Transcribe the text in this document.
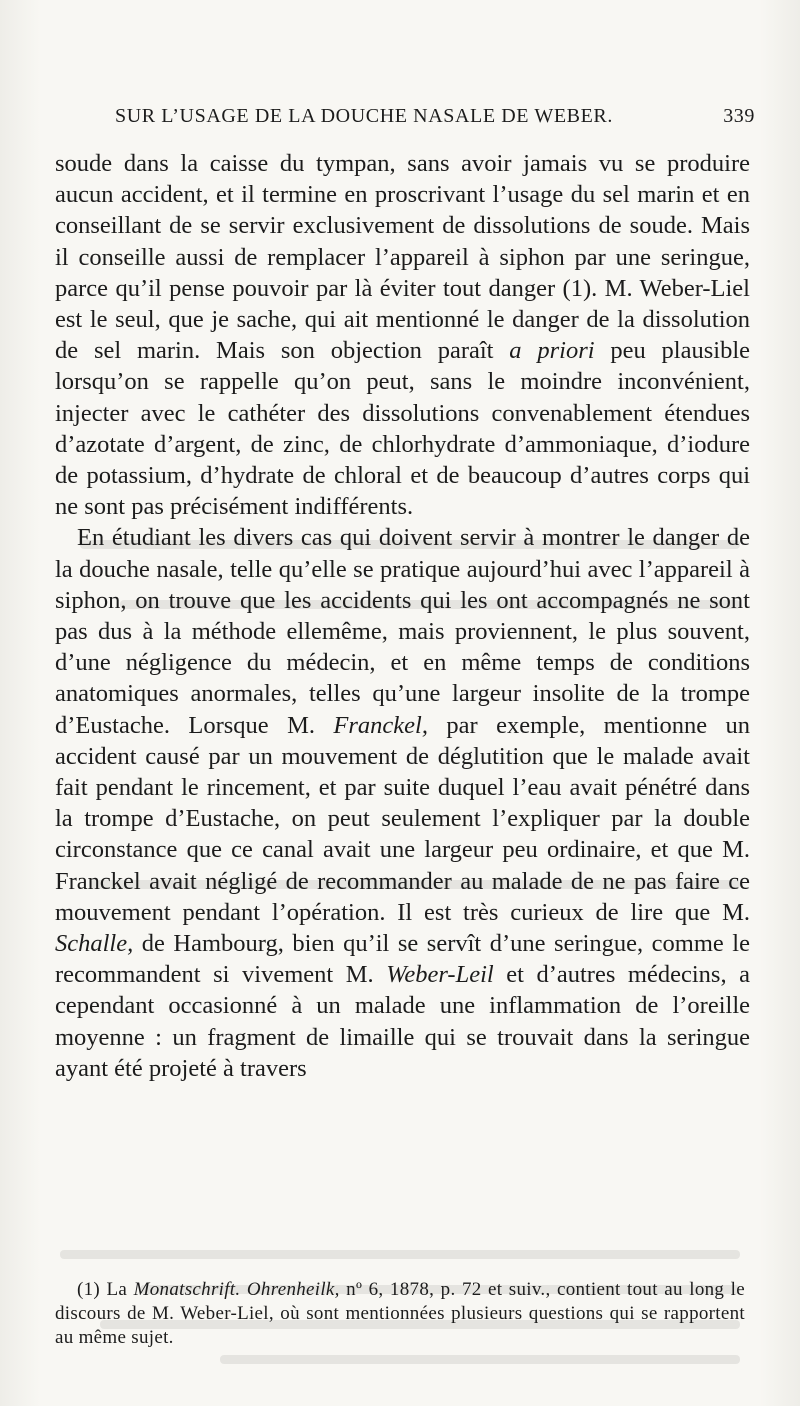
SUR L’USAGE DE LA DOUCHE NASALE DE WEBER.	339

soude dans la caisse du tympan, sans avoir jamais vu se produire aucun accident, et il termine en proscrivant l’usage du sel marin et en conseillant de se servir exclusivement de dissolutions de soude. Mais il conseille aussi de remplacer l’appareil à siphon par une seringue, parce qu’il pense pouvoir par là éviter tout danger (1). M. Weber-Liel est le seul, que je sache, qui ait mentionné le danger de la dissolution de sel marin. Mais son objection paraît a priori peu plausible lorsqu’on se rappelle qu’on peut, sans le moindre inconvénient, injecter avec le cathéter des dissolutions convenablement étendues d’azotate d’argent, de zinc, de chlorhydrate d’ammoniaque, d’iodure de potassium, d’hydrate de chloral et de beaucoup d’autres corps qui ne sont pas précisément indifférents.

En étudiant les divers cas qui doivent servir à montrer le danger de la douche nasale, telle qu’elle se pratique aujourd’hui avec l’appareil à siphon, on trouve que les accidents qui les ont accompagnés ne sont pas dus à la méthode ellemême, mais proviennent, le plus souvent, d’une négligence du médecin, et en même temps de conditions anatomiques anormales, telles qu’une largeur insolite de la trompe d’Eustache. Lorsque M. Franckel, par exemple, mentionne un accident causé par un mouvement de déglutition que le malade avait fait pendant le rincement, et par suite duquel l’eau avait pénétré dans la trompe d’Eustache, on peut seulement l’expliquer par la double circonstance que ce canal avait une largeur peu ordinaire, et que M. Franckel avait négligé de recommander au malade de ne pas faire ce mouvement pendant l’opération. Il est très curieux de lire que M. Schalle, de Hambourg, bien qu’il se servît d’une seringue, comme le recommandent si vivement M. Weber-Leil et d’autres médecins, a cependant occasionné à un malade une inflammation de l’oreille moyenne : un fragment de limaille qui se trouvait dans la seringue ayant été projeté à travers

(1) La Monatschrift. Ohrenheilk, nº 6, 1878, p. 72 et suiv., contient tout au long le discours de M. Weber-Liel, où sont mentionnées plusieurs questions qui se rapportent au même sujet.
